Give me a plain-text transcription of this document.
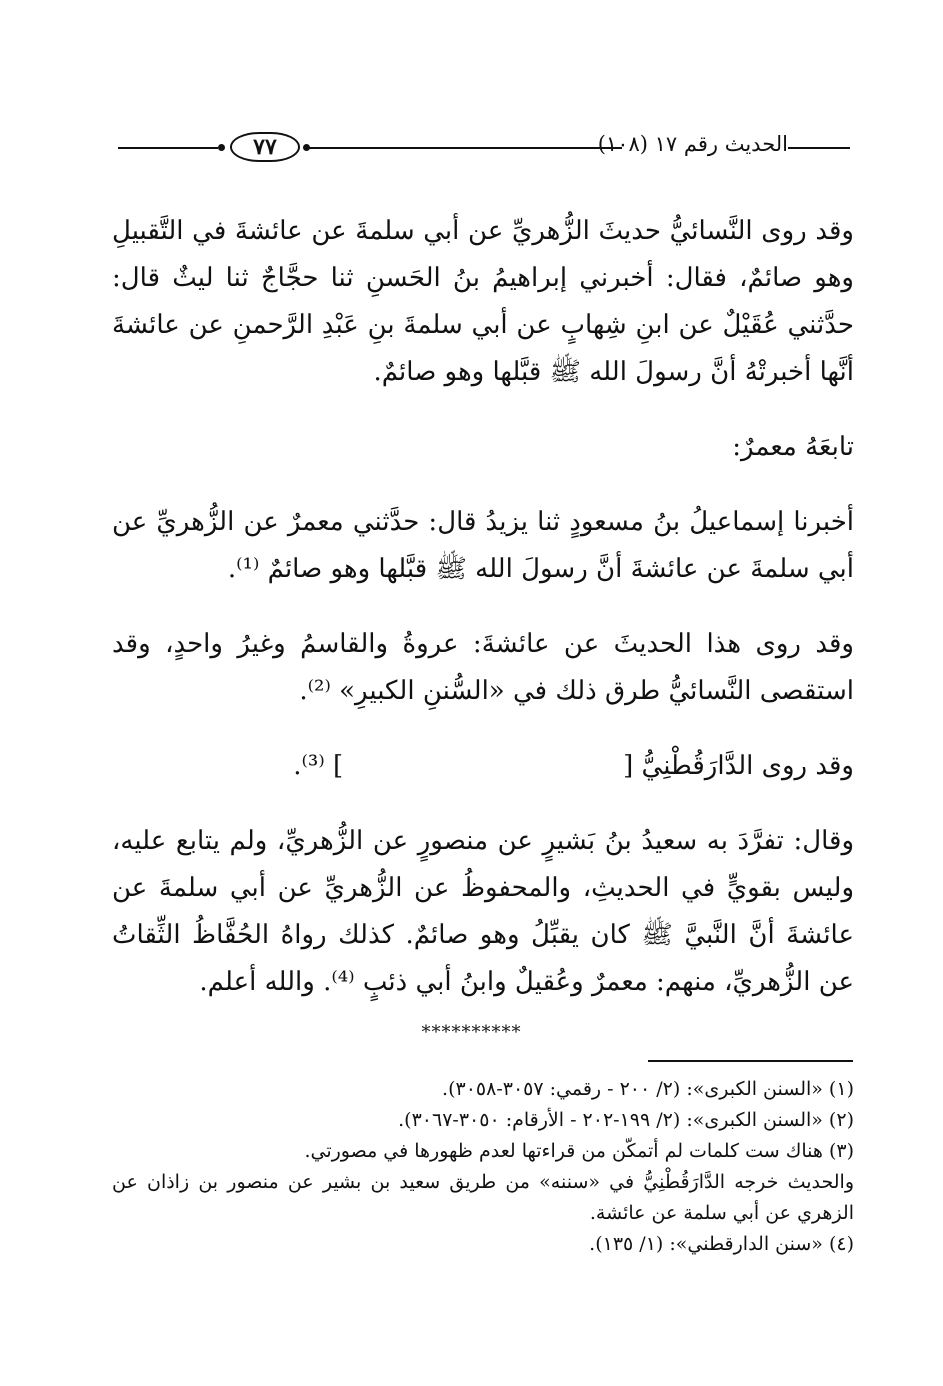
٧٧	الحديث رقم ١٧ (١٠٨)

وقد روى النَّسائيُّ حديثَ الزُّهريِّ عن أبي سلمةَ عن عائشةَ في التَّقبيلِ وهو صائمٌ، فقال: أخبرني إبراهيمُ بنُ الحَسنِ ثنا حجَّاجٌ ثنا ليثٌ قال: حدَّثني عُقَيْلٌ عن ابنِ شِهابٍ عن أبي سلمةَ بنِ عَبْدِ الرَّحمنِ عن عائشةَ أنَّها أخبرتْهُ أنَّ رسولَ الله ﷺ قبَّلها وهو صائمٌ.

تابعَهُ معمرٌ:

أخبرنا إسماعيلُ بنُ مسعودٍ ثنا يزيدُ قال: حدَّثني معمرٌ عن الزُّهريِّ عن أبي سلمةَ عن عائشةَ أنَّ رسولَ الله ﷺ قبَّلها وهو صائمٌ ⁽¹⁾.

وقد روى هذا الحديثَ عن عائشةَ: عروةُ والقاسمُ وغيرُ واحدٍ، وقد استقصى النَّسائيُّ طرق ذلك في «السُّننِ الكبيرِ» ⁽²⁾.

وقد روى الدَّارَقُطْنِيُّ [] ⁽³⁾.

وقال: تفرَّدَ به سعيدُ بنُ بَشيرٍ عن منصورٍ عن الزُّهريِّ، ولم يتابع عليه، وليس بقويٍّ في الحديثِ، والمحفوظُ عن الزُّهريِّ عن أبي سلمةَ عن عائشةَ أنَّ النَّبيَّ ﷺ كان يقبِّلُ وهو صائمٌ. كذلك رواهُ الحُفَّاظُ الثِّقاتُ عن الزُّهريِّ، منهم: معمرٌ وعُقيلٌ وابنُ أبي ذئبٍ ⁽⁴⁾. والله أعلم.

**********
(١) «السنن الكبرى»: (٢/ ٢٠٠ - رقمي: ٣٠٥٧-٣٠٥٨).
(٢) «السنن الكبرى»: (٢/ ١٩٩-٢٠٢ - الأرقام: ٣٠٥٠-٣٠٦٧).
(٣) هناك ست كلمات لم أتمكّن من قراءتها لعدم ظهورها في مصورتي.
والحديث خرجه الدَّارَقُطْنِيُّ في «سننه» من طريق سعيد بن بشير عن منصور بن زاذان عن الزهري عن أبي سلمة عن عائشة.
(٤) «سنن الدارقطني»: (١/ ١٣٥).
